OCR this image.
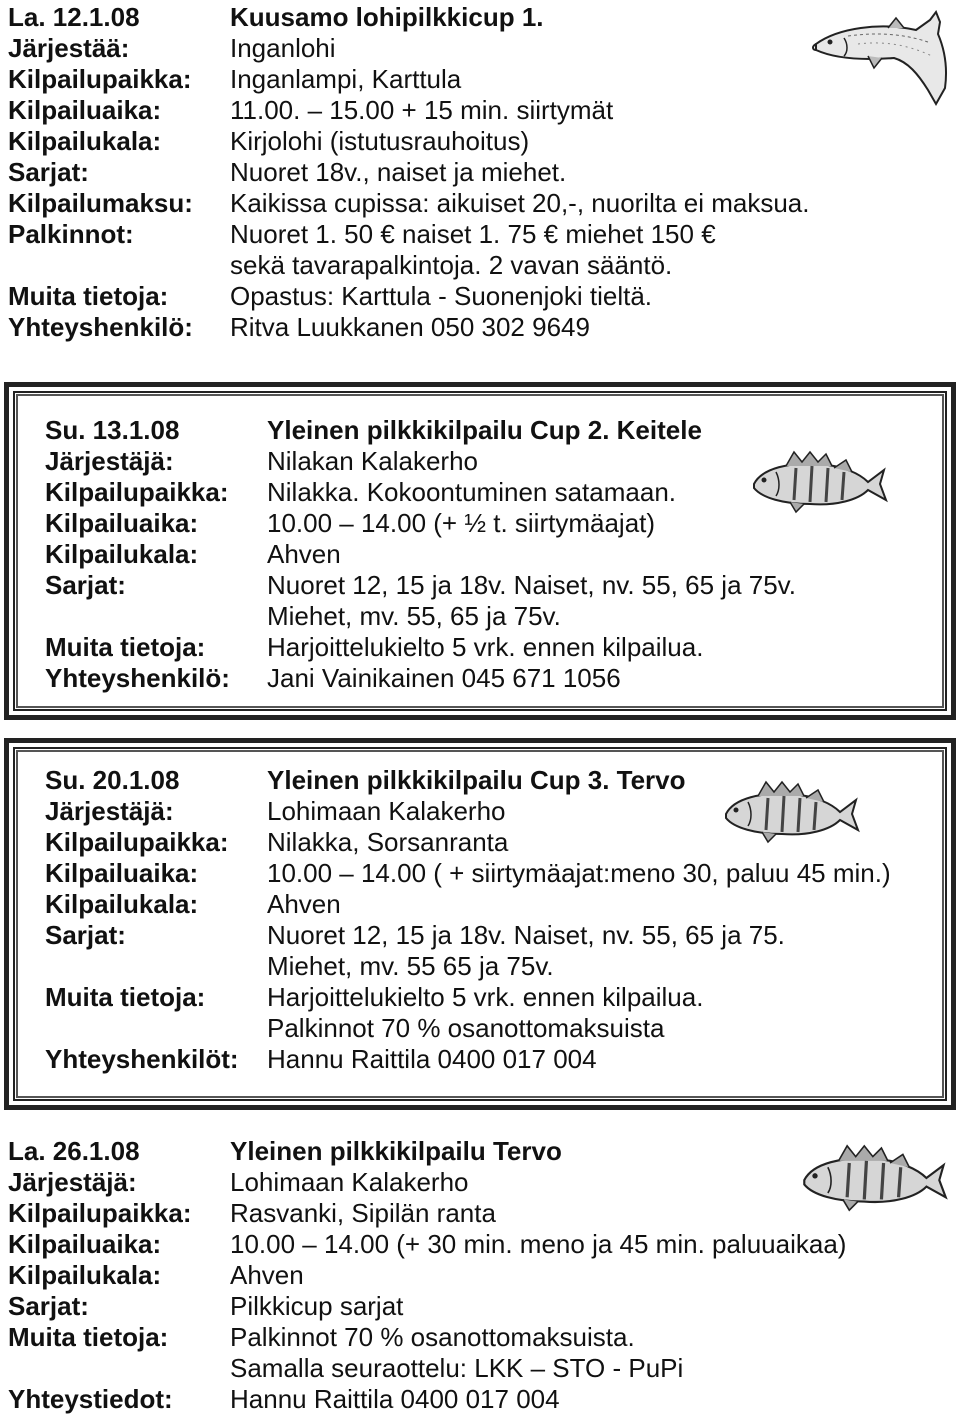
La. 12.1.08	Kuusamo lohipilkkicup 1.
Järjestää:	Inganlohi
Kilpailupaikka:	Inganlampi, Karttula
Kilpailuaika:	11.00. – 15.00 + 15 min. siirtymät
Kilpailukala:	Kirjolohi (istutusrauhoitus)
Sarjat:	Nuoret 18v., naiset ja miehet.
Kilpailumaksu:	Kaikissa cupissa: aikuiset 20,-, nuorilta ei maksua.
Palkinnot:	Nuoret 1. 50 € naiset 1. 75 € miehet 150 €
sekä tavarapalkintoja. 2 vavan sääntö.
Muita tietoja:	Opastus: Karttula - Suonenjoki tieltä.
Yhteyshenkilö:	Ritva Luukkanen 050 302 9649
Su. 13.1.08	Yleinen pilkkikilpailu Cup 2. Keitele
Järjestäjä:	Nilakan Kalakerho
Kilpailupaikka:	Nilakka. Kokoontuminen satamaan.
Kilpailuaika:	10.00 – 14.00 (+ ½ t. siirtymäajat)
Kilpailukala:	Ahven
Sarjat:	Nuoret 12, 15 ja 18v. Naiset, nv. 55, 65 ja 75v.
Miehet, mv. 55, 65 ja 75v.
Muita tietoja:	Harjoittelukielto 5 vrk. ennen kilpailua.
Yhteyshenkilö:	Jani Vainikainen 045 671 1056
Su. 20.1.08	Yleinen pilkkikilpailu Cup 3. Tervo
Järjestäjä:	Lohimaan Kalakerho
Kilpailupaikka:	Nilakka, Sorsanranta
Kilpailuaika:	10.00 – 14.00 ( + siirtymäajat:meno 30, paluu 45 min.)
Kilpailukala:	Ahven
Sarjat:	Nuoret 12, 15 ja 18v. Naiset, nv. 55, 65 ja 75.
Miehet, mv. 55 65 ja 75v.
Muita tietoja:	Harjoittelukielto 5 vrk. ennen kilpailua.
Palkinnot 70 % osanottomaksuista
Yhteyshenkilöt:	Hannu Raittila 0400 017 004
La. 26.1.08	Yleinen pilkkikilpailu Tervo
Järjestäjä:	Lohimaan Kalakerho
Kilpailupaikka:	Rasvanki, Sipilän ranta
Kilpailuaika:	10.00 – 14.00 (+ 30 min. meno ja 45 min. paluuaikaa)
Kilpailukala:	Ahven
Sarjat:	Pilkkicup sarjat
Muita tietoja:	Palkinnot 70 % osanottomaksuista.
Samalla seuraottelu: LKK – STO - PuPi
Yhteystiedot:	Hannu Raittila 0400 017 004
